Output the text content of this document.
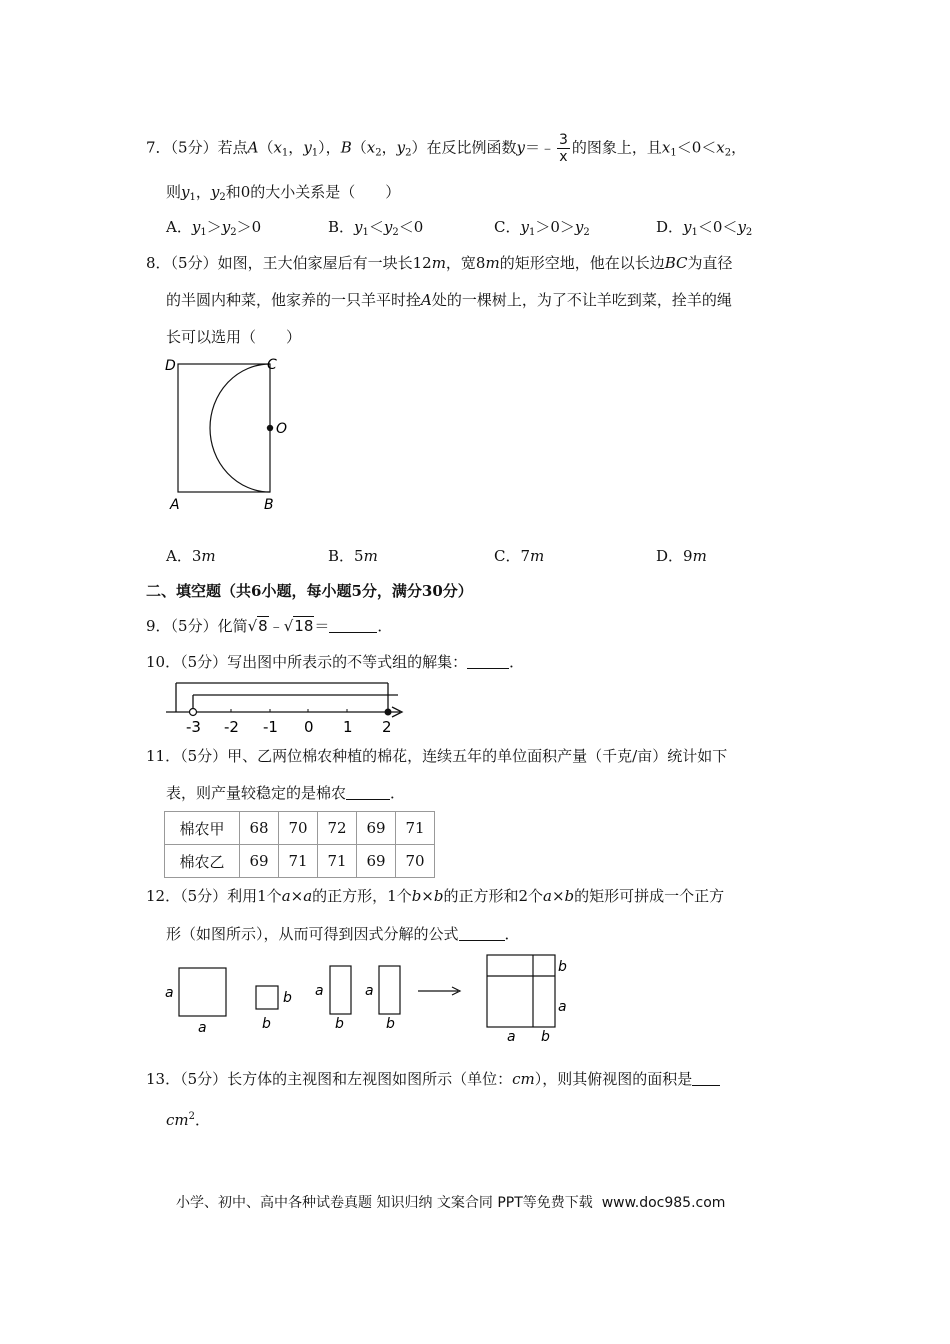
7．（5分）若点$A(x_1$，$y_1$），$B(x_2$，$y_2$）在反比例函数y＝﹣ $\frac{3}{x}$ 的图象上，且$x_1<0<x_2$，
则$y_1$，$y_2$和0的大小关系是（　　）
A．$y_1>y_2>0$	B．$y_1<y_2<0$	C．$y_1>0>y_2$	D．$y_1<0<y_2$
8．（5分）如图，王大伯家屋后有一块长12m，宽8m的矩形空地，他在以长边BC为直径
的半圆内种菜，他家养的一只羊平时拴A处的一棵树上，为了不让羊吃到菜，拴羊的绳
长可以选用（　　）
D	C
O
A	B
A．3m	B．5m	C．7m	D．9m
二、填空题（共6小题，每小题5分，满分30分）
9．（5分）化简√8﹣√18＝	．
10．（5分）写出图中所表示的不等式组的解集：	．
-3 -2 -1 0 1 2
11．（5分）甲、乙两位棉农种植的棉花，连续五年的单位面积产量（千克/亩）统计如下
表，则产量较稳定的是棉农	．
棉农甲	68	70	72	69	71
棉农乙	69	71	71	69	70
12．（5分）利用1个a×a的正方形，1个b×b的正方形和2个a×b的矩形可拼成一个正方
形（如图所示），从而可得到因式分解的公式	．
a
a
b
b
a
b
a
b
b
a
a b
13．（5分）长方体的主视图和左视图如图所示（单位：cm），则其俯视图的面积是
$cm^2$．
小学、初中、高中各种试卷真题 知识归纳 文案合同 PPT等免费下载 www.doc985.com
